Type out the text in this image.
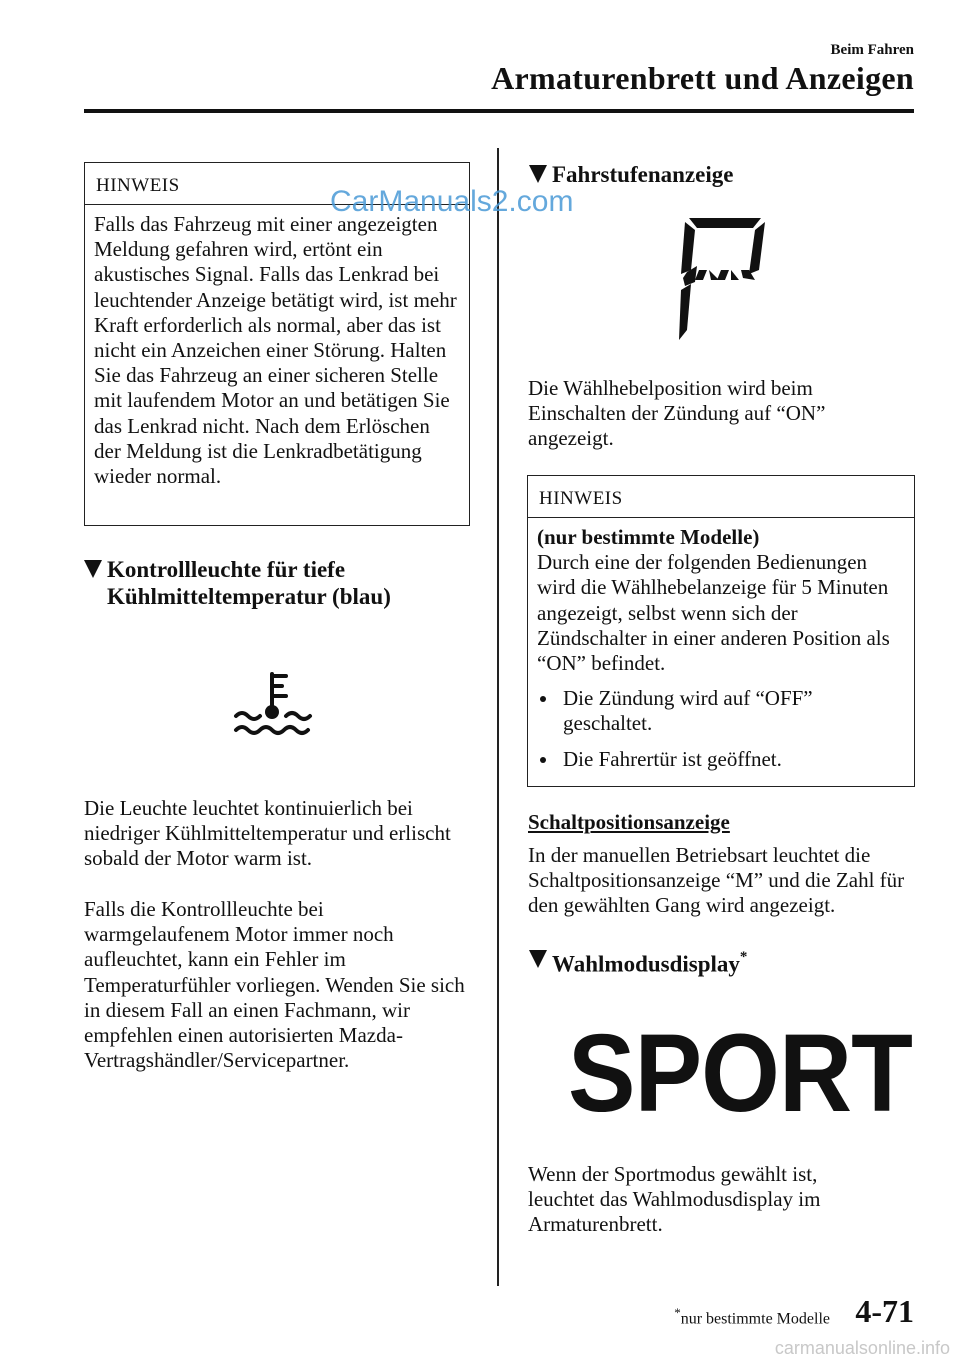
Beim Fahren
Armaturenbrett und Anzeigen
HINWEIS
Falls das Fahrzeug mit einer angezeigten Meldung gefahren wird, ertönt ein akustisches Signal. Falls das Lenkrad bei leuchtender Anzeige betätigt wird, ist mehr Kraft erforderlich als normal, aber das ist nicht ein Anzeichen einer Störung. Halten Sie das Fahrzeug an einer sicheren Stelle mit laufendem Motor an und betätigen Sie das Lenkrad nicht. Nach dem Erlöschen der Meldung ist die Lenkradbetätigung wieder normal.
CarManuals2.com
Kontrollleuchte für tiefe
Kühlmitteltemperatur (blau)
Die Leuchte leuchtet kontinuierlich bei niedriger Kühlmitteltemperatur und erlischt sobald der Motor warm ist.
Falls die Kontrollleuchte bei warmgelaufenem Motor immer noch aufleuchtet, kann ein Fehler im Temperaturfühler vorliegen. Wenden Sie sich in diesem Fall an einen Fachmann, wir empfehlen einen autorisierten Mazda-Vertragshändler/Servicepartner.
Fahrstufenanzeige
Die Wählhebelposition wird beim Einschalten der Zündung auf “ON” angezeigt.
HINWEIS
(nur bestimmte Modelle)
Durch eine der folgenden Bedienungen wird die Wählhebelanzeige für 5 Minuten angezeigt, selbst wenn sich der Zündschalter in einer anderen Position als “ON” befindet.
Die Zündung wird auf “OFF” geschaltet.
Die Fahrertür ist geöffnet.
Schaltpositionsanzeige
In der manuellen Betriebsart leuchtet die Schaltpositionsanzeige “M” und die Zahl für den gewählten Gang wird angezeigt.
Wahlmodusdisplay*
SPORT
Wenn der Sportmodus gewählt ist, leuchtet das Wahlmodusdisplay im Armaturenbrett.
*nur bestimmte Modelle 4-71
carmanualsonline.info
